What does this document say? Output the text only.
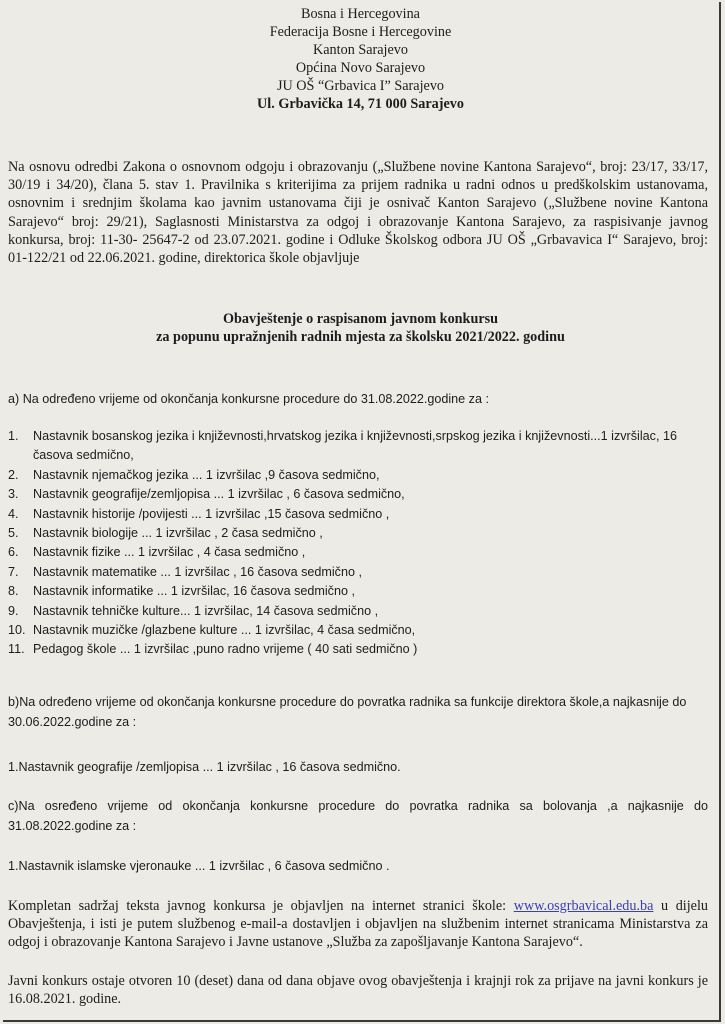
Bosna i Hercegovina
Federacija Bosne i Hercegovine
Kanton Sarajevo
Općina Novo Sarajevo
JU OŠ “Grbavica I” Sarajevo
Ul. Grbavička 14, 71 000 Sarajevo
Na osnovu odredbi Zakona o osnovnom odgoju i obrazovanju („Službene novine Kantona Sarajevo“, broj: 23/17, 33/17, 30/19 i 34/20), člana 5. stav 1. Pravilnika s kriterijima za prijem radnika u radni odnos u predškolskim ustanovama, osnovnim i srednjim školama kao javnim ustanovama čiji je osnivač Kanton Sarajevo („Službene novine Kantona Sarajevo“ broj: 29/21), Saglasnosti Ministarstva za odgoj i obrazovanje Kantona Sarajevo, za raspisivanje javnog konkursa, broj: 11-30- 25647-2 od 23.07.2021. godine i Odluke Školskog odbora JU OŠ „Grbavavica I“ Sarajevo, broj: 01-122/21 od 22.06.2021. godine, direktorica škole objavljuje
Obavještenje o raspisanom javnom konkursu
za popunu upražnjenih radnih mjesta za školsku 2021/2022. godinu
a) Na određeno vrijeme od okončanja konkursne procedure do 31.08.2022.godine za :
1.	Nastavnik bosanskog jezika i književnosti,hrvatskog jezika i književnosti,srpskog jezika i književnosti...1 izvršilac, 16 časova sedmično,
2.	Nastavnik njemačkog jezika ... 1 izvršilac ,9 časova sedmično,
3.	Nastavnik geografije/zemljopisa ... 1 izvršilac , 6 časova sedmično,
4.	Nastavnik historije /povijesti ... 1 izvršilac ,15 časova sedmično ,
5.	Nastavnik biologije ... 1 izvršilac , 2 časa sedmično ,
6.	Nastavnik fizike ... 1 izvršilac , 4 časa sedmično ,
7.	Nastavnik matematike ... 1 izvršilac , 16 časova sedmično ,
8.	Nastavnik informatike ... 1 izvršilac, 16 časova sedmično ,
9.	Nastavnik tehničke kulture... 1 izvršilac, 14 časova sedmično ,
10. Nastavnik muzičke /glazbene kulture ... 1 izvršilac, 4 časa sedmično,
11. Pedagog škole ... 1 izvršilac ,puno radno vrijeme ( 40 sati sedmično )
b)Na određeno vrijeme od okončanja konkursne procedure do povratka radnika sa funkcije direktora škole,a najkasnije do 30.06.2022.godine za :
1.Nastavnik geografije /zemljopisa ... 1 izvršilac , 16 časova sedmično.
c)Na osređeno vrijeme od okončanja konkursne procedure do povratka radnika sa bolovanja ,a najkasnije do 31.08.2022.godine za :
1.Nastavnik islamske vjeronauke ... 1 izvršilac , 6 časova sedmično .
Kompletan sadržaj teksta javnog konkursa je objavljen na internet stranici škole: www.osgrbavical.edu.ba u dijelu Obavještenja, i isti je putem službenog e-mail-a dostavljen i objavljen na službenim internet stranicama Ministarstva za odgoj i obrazovanje Kantona Sarajevo i Javne ustanove „Služba za zapošljavanje Kantona Sarajevo“.
Javni konkurs ostaje otvoren 10 (deset) dana od dana objave ovog obavještenja i krajnji rok za prijave na javni konkurs je 16.08.2021. godine.
